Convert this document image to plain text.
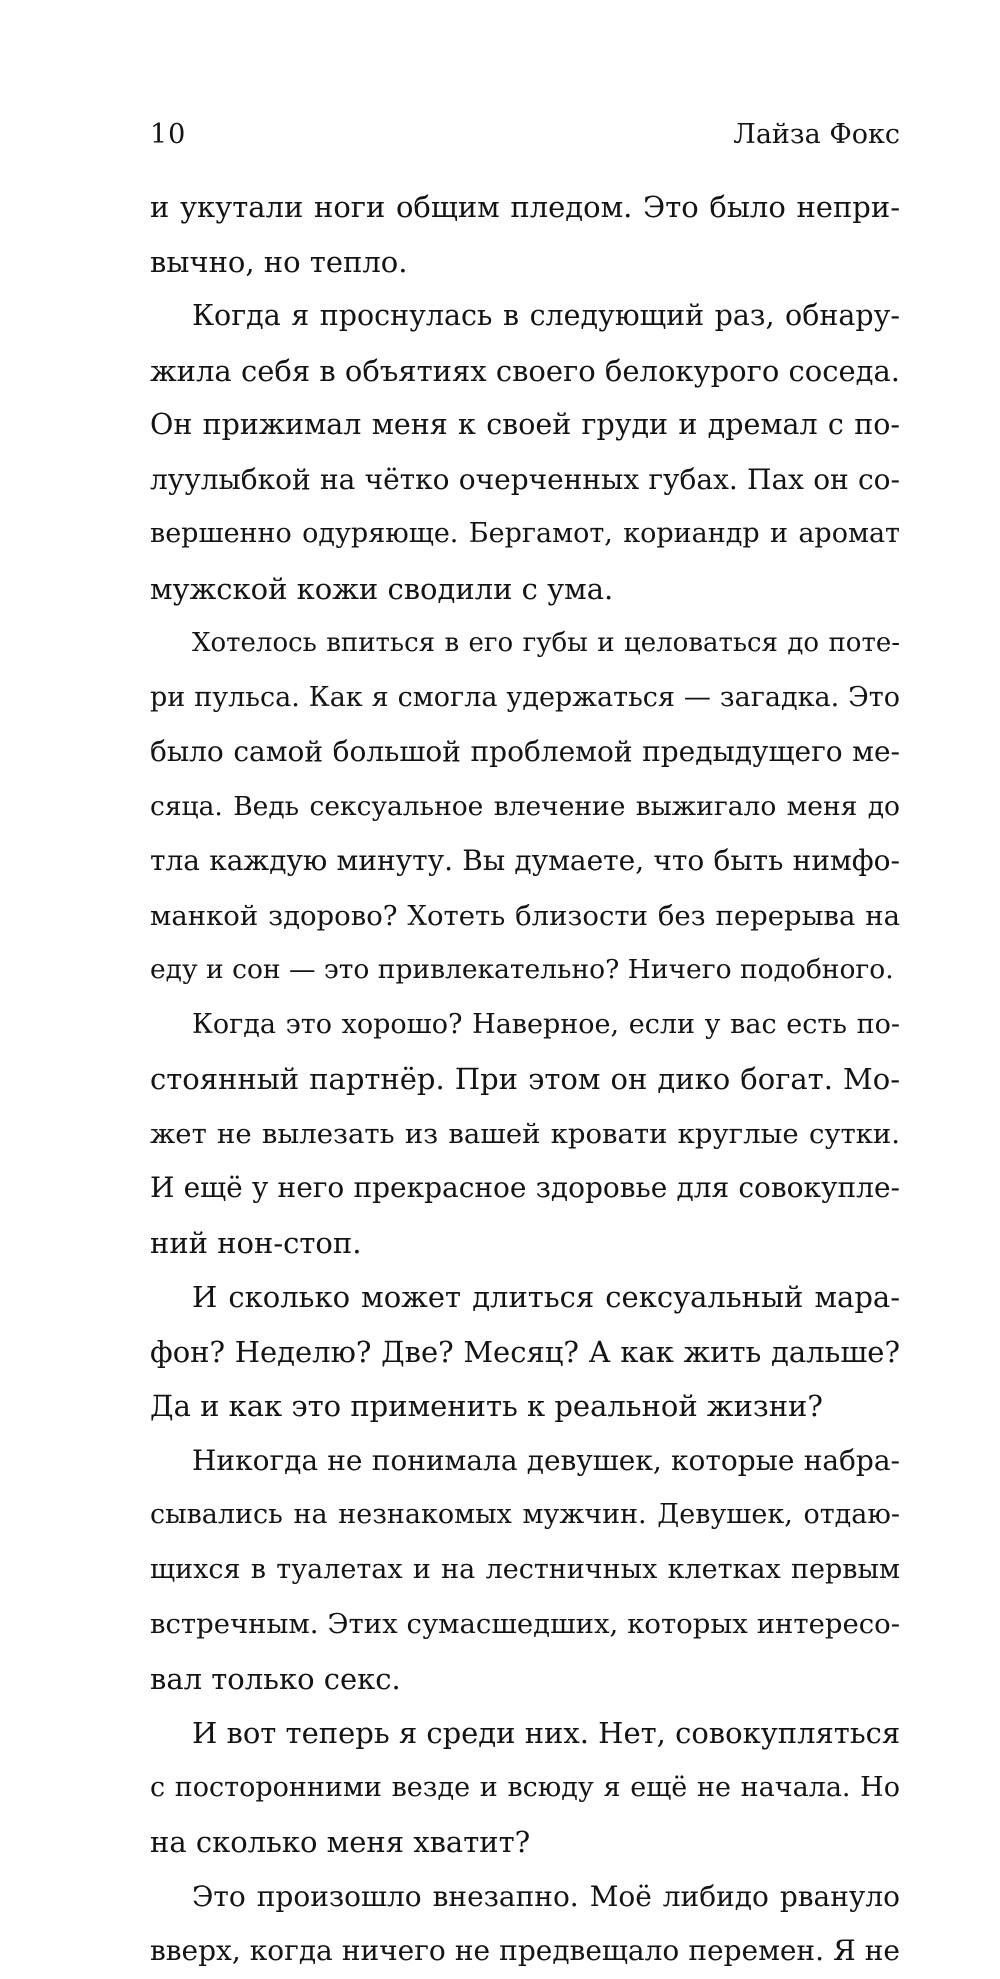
10	Лайза Фокс
и укутали ноги общим пледом. Это было непри-
вычно, но тепло.
Когда я проснулась в следующий раз, обнару-
жила себя в объятиях своего белокурого соседа.
Он прижимал меня к своей груди и дремал с по-
луулыбкой на чётко очерченных губах. Пах он со-
вершенно одуряюще. Бергамот, кориандр и аромат
мужской кожи сводили с ума.
Хотелось впиться в его губы и целоваться до поте-
ри пульса. Как я смогла удержаться — загадка. Это
было самой большой проблемой предыдущего ме-
сяца. Ведь сексуальное влечение выжигало меня до
тла каждую минуту. Вы думаете, что быть нимфо-
манкой здорово? Хотеть близости без перерыва на
еду и сон — это привлекательно? Ничего подобного.
Когда это хорошо? Наверное, если у вас есть по-
стоянный партнёр. При этом он дико богат. Мо-
жет не вылезать из вашей кровати круглые сутки.
И ещё у него прекрасное здоровье для совокупле-
ний нон-стоп.
И сколько может длиться сексуальный мара-
фон? Неделю? Две? Месяц? А как жить дальше?
Да и как это применить к реальной жизни?
Никогда не понимала девушек, которые набра-
сывались на незнакомых мужчин. Девушек, отдаю-
щихся в туалетах и на лестничных клетках первым
встречным. Этих сумасшедших, которых интересо-
вал только секс.
И вот теперь я среди них. Нет, совокупляться
с посторонними везде и всюду я ещё не начала. Но
на сколько меня хватит?
Это произошло внезапно. Моё либидо рвануло
вверх, когда ничего не предвещало перемен. Я не
